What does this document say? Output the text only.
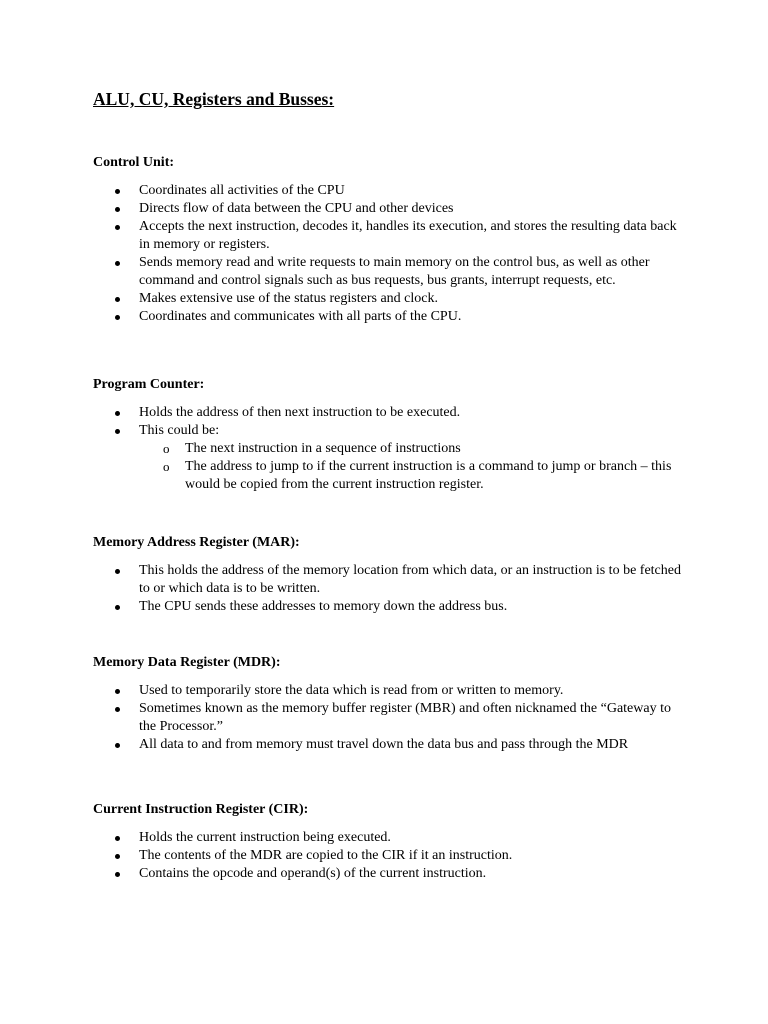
ALU, CU, Registers and Busses:
Control Unit:
Coordinates all activities of the CPU
Directs flow of data between the CPU and other devices
Accepts the next instruction, decodes it, handles its execution, and stores the resulting data back in memory or registers.
Sends memory read and write requests to main memory on the control bus, as well as other command and control signals such as bus requests, bus grants, interrupt requests, etc.
Makes extensive use of the status registers and clock.
Coordinates and communicates with all parts of the CPU.
Program Counter:
Holds the address of then next instruction to be executed.
This could be:
o The next instruction in a sequence of instructions
o The address to jump to if the current instruction is a command to jump or branch – this would be copied from the current instruction register.
Memory Address Register (MAR):
This holds the address of the memory location from which data, or an instruction is to be fetched to or which data is to be written.
The CPU sends these addresses to memory down the address bus.
Memory Data Register (MDR):
Used to temporarily store the data which is read from or written to memory.
Sometimes known as the memory buffer register (MBR) and often nicknamed the “Gateway to the Processor.”
All data to and from memory must travel down the data bus and pass through the MDR
Current Instruction Register (CIR):
Holds the current instruction being executed.
The contents of the MDR are copied to the CIR if it an instruction.
Contains the opcode and operand(s) of the current instruction.
